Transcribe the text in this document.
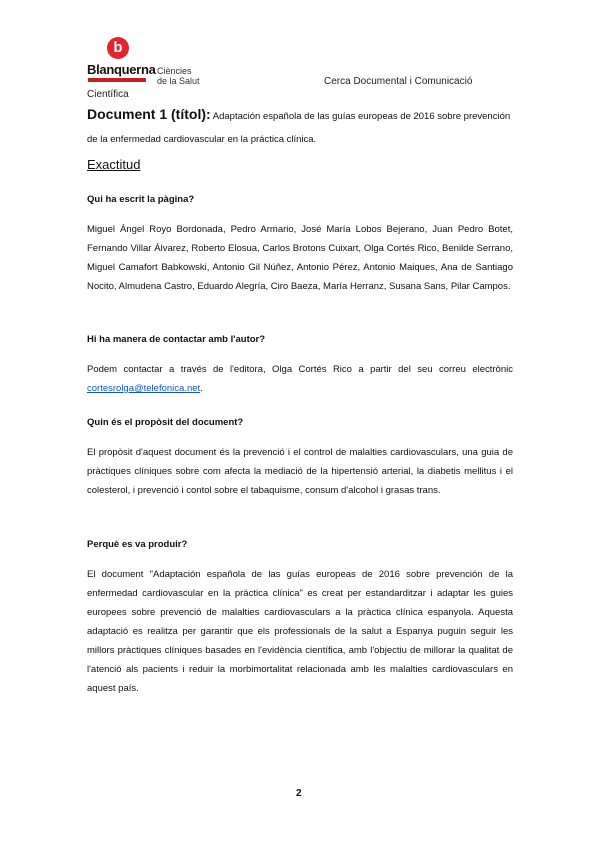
b
Blanquerna Ciències
de la Salut	Cerca Documental i Comunicació
Científica
Document 1 (títol): Adaptación española de las guías europeas de 2016 sobre prevención de la enfermedad cardiovascular en la práctica clínica.
Exactitud
Qui ha escrit la pàgina?
Miguel Ángel Royo Bordonada, Pedro Armario, José María Lobos Bejerano, Juan Pedro Botet, Fernando Villar Álvarez, Roberto Elosua, Carlos Brotons Cuixart, Olga Cortés Rico, Benilde Serrano, Miguel Camafort Babkowski, Antonio Gil Núñez, Antonio Pérez, Antonio Maiques, Ana de Santiago Nocito, Almudena Castro, Eduardo Alegría, Ciro Baeza, María Herranz, Susana Sans, Pilar Campos.
Hi ha manera de contactar amb l'autor?
Podem contactar a través de l'editora, Olga Cortés Rico a partir del seu correu electrònic cortesrolga@telefonica.net.
Quin és el propòsit del document?
El propòsit d'aquest document és la prevenció i el control de malalties cardiovasculars, una guia de pràctiques clíniques sobre com afecta la mediació de la hipertensió arterial, la diabetis mellitus i el colesterol, i prevenció i contol sobre el tabaquisme, consum d'alcohol i grasas trans.
Perquè es va produir?
El document "Adaptación española de las guías europeas de 2016 sobre prevención de la enfermedad cardiovascular en la práctica clínica" es creat per estandarditzar i adaptar les guies europees sobre prevenció de malalties cardiovasculars a la pràctica clínica espanyola. Aquesta adaptació es realitza per garantir que els professionals de la salut a Espanya puguin seguir les millors pràctiques clíniques basades en l'evidència científica, amb l'objectiu de millorar la qualitat de l'atenció als pacients i reduir la morbimortalitat relacionada amb les malalties cardiovasculars en aquest país.
2
